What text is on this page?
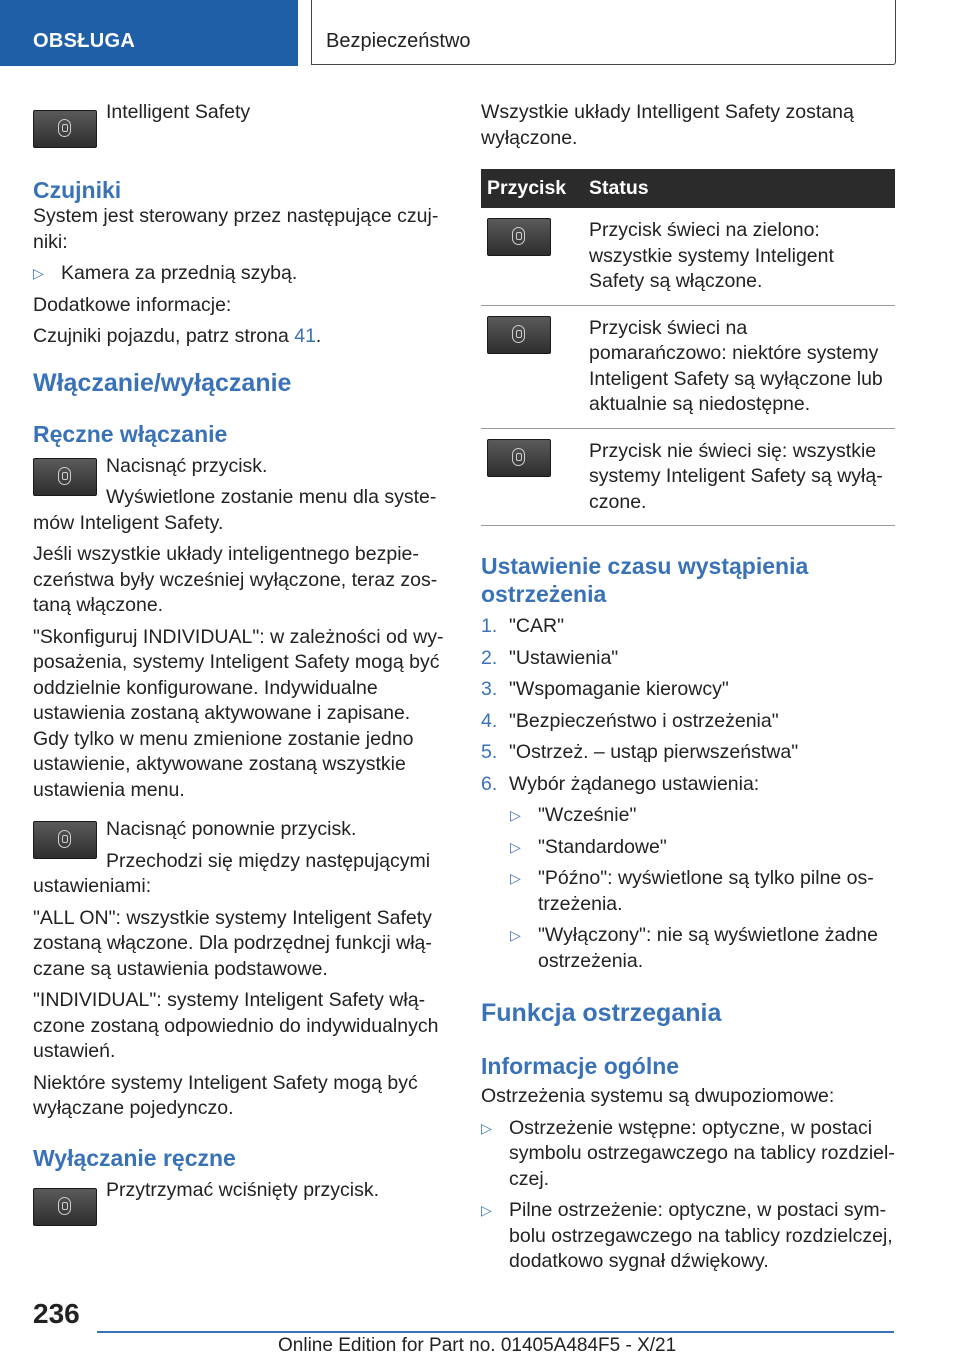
OBSŁUGA	Bezpieczeństwo

Intelligent Safety

Czujniki

System jest sterowany przez następujące czujniki:

▷ Kamera za przednią szybą.

Dodatkowe informacje:

Czujniki pojazdu, patrz strona 41.

Włączanie/wyłączanie
Ręczne włączanie

Nacisnąć przycisk.

Wyświetlone zostanie menu dla systemów Inteligent Safety.

Jeśli wszystkie układy inteligentnego bezpieczeństwa były wcześniej wyłączone, teraz zostaną włączone.

"Skonfiguruj INDIVIDUAL": w zależności od wyposażenia, systemy Inteligent Safety mogą być oddzielnie konfigurowane. Indywidualne ustawienia zostaną aktywowane i zapisane. Gdy tylko w menu zmienione zostanie jedno ustawienie, aktywowane zostaną wszystkie ustawienia menu.

Nacisnąć ponownie przycisk.

Przechodzi się między następującymi ustawieniami:

"ALL ON": wszystkie systemy Inteligent Safety zostaną włączone. Dla podrzędnej funkcji włączane są ustawienia podstawowe.

"INDIVIDUAL": systemy Inteligent Safety włączone zostaną odpowiednio do indywidualnych ustawień.

Niektóre systemy Inteligent Safety mogą być wyłączane pojedynczo.

Wyłączanie ręczne

Przytrzymać wciśnięty przycisk.

Wszystkie układy Intelligent Safety zostaną wyłączone.

Przycisk	Status

	Przycisk świeci na zielono: wszystkie systemy Inteligent Safety są włączone.

	Przycisk świeci na pomarańczowo: niektóre systemy Inteligent Safety są wyłączone lub aktualnie są niedostępne.

	Przycisk nie świeci się: wszystkie systemy Inteligent Safety są wyłączone.
Ustawienie czasu wystąpienia ostrzeżenia
1. "CAR"
2. "Ustawienia"
3. "Wspomaganie kierowcy"
4. "Bezpieczeństwo i ostrzeżenia"
5. "Ostrzeż. – ustąp pierwszeństwa"
6. Wybór żądanego ustawienia:
▷ "Wcześnie"
▷ "Standardowe"
▷ "Późno": wyświetlone są tylko pilne ostrzeżenia.
▷ "Wyłączony": nie są wyświetlone żadne ostrzeżenia.
Funkcja ostrzegania
Informacje ogólne

Ostrzeżenia systemu są dwupoziomowe:

▷ Ostrzeżenie wstępne: optyczne, w postaci symbolu ostrzegawczego na tablicy rozdzielczej.
▷ Pilne ostrzeżenie: optyczne, w postaci symbolu ostrzegawczego na tablicy rozdzielczej, dodatkowo sygnał dźwiękowy.
236
Online Edition for Part no. 01405A484F5 - X/21
